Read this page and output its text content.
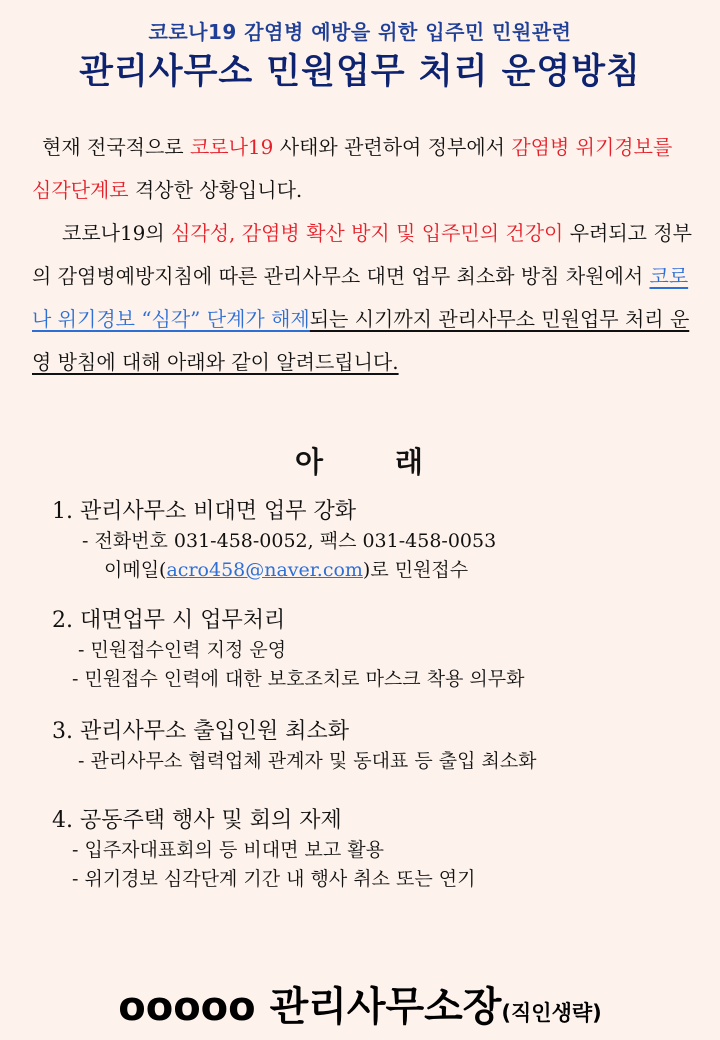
코로나19 감염병 예방을 위한 입주민 민원관련
관리사무소 민원업무 처리 운영방침

현재 전국적으로 코로나19 사태와 관련하여 정부에서 감염병 위기경보를 심각단계로 격상한 상황입니다.

코로나19의 심각성, 감염병 확산 방지 및 입주민의 건강이 우려되고 정부의 감염병예방지침에 따른 관리사무소 대면 업무 최소화 방침 차원에서 코로나 위기경보 “심각” 단계가 해제되는 시기까지 관리사무소 민원업무 처리 운영 방침에 대해 아래와 같이 알려드립니다.

아 래
1. 관리사무소 비대면 업무 강화
- 전화번호 031-458-0052, 팩스 031-458-0053
이메일(acro458@naver.com)로 민원접수
2. 대면업무 시 업무처리
- 민원접수인력 지정 운영
- 민원접수 인력에 대한 보호조치로 마스크 착용 의무화
3. 관리사무소 출입인원 최소화
- 관리사무소 협력업체 관계자 및 동대표 등 출입 최소화
4. 공동주택 행사 및 회의 자제
- 입주자대표회의 등 비대면 보고 활용
- 위기경보 심각단계 기간 내 행사 취소 또는 연기
ooooo 관리사무소장(직인생략)
